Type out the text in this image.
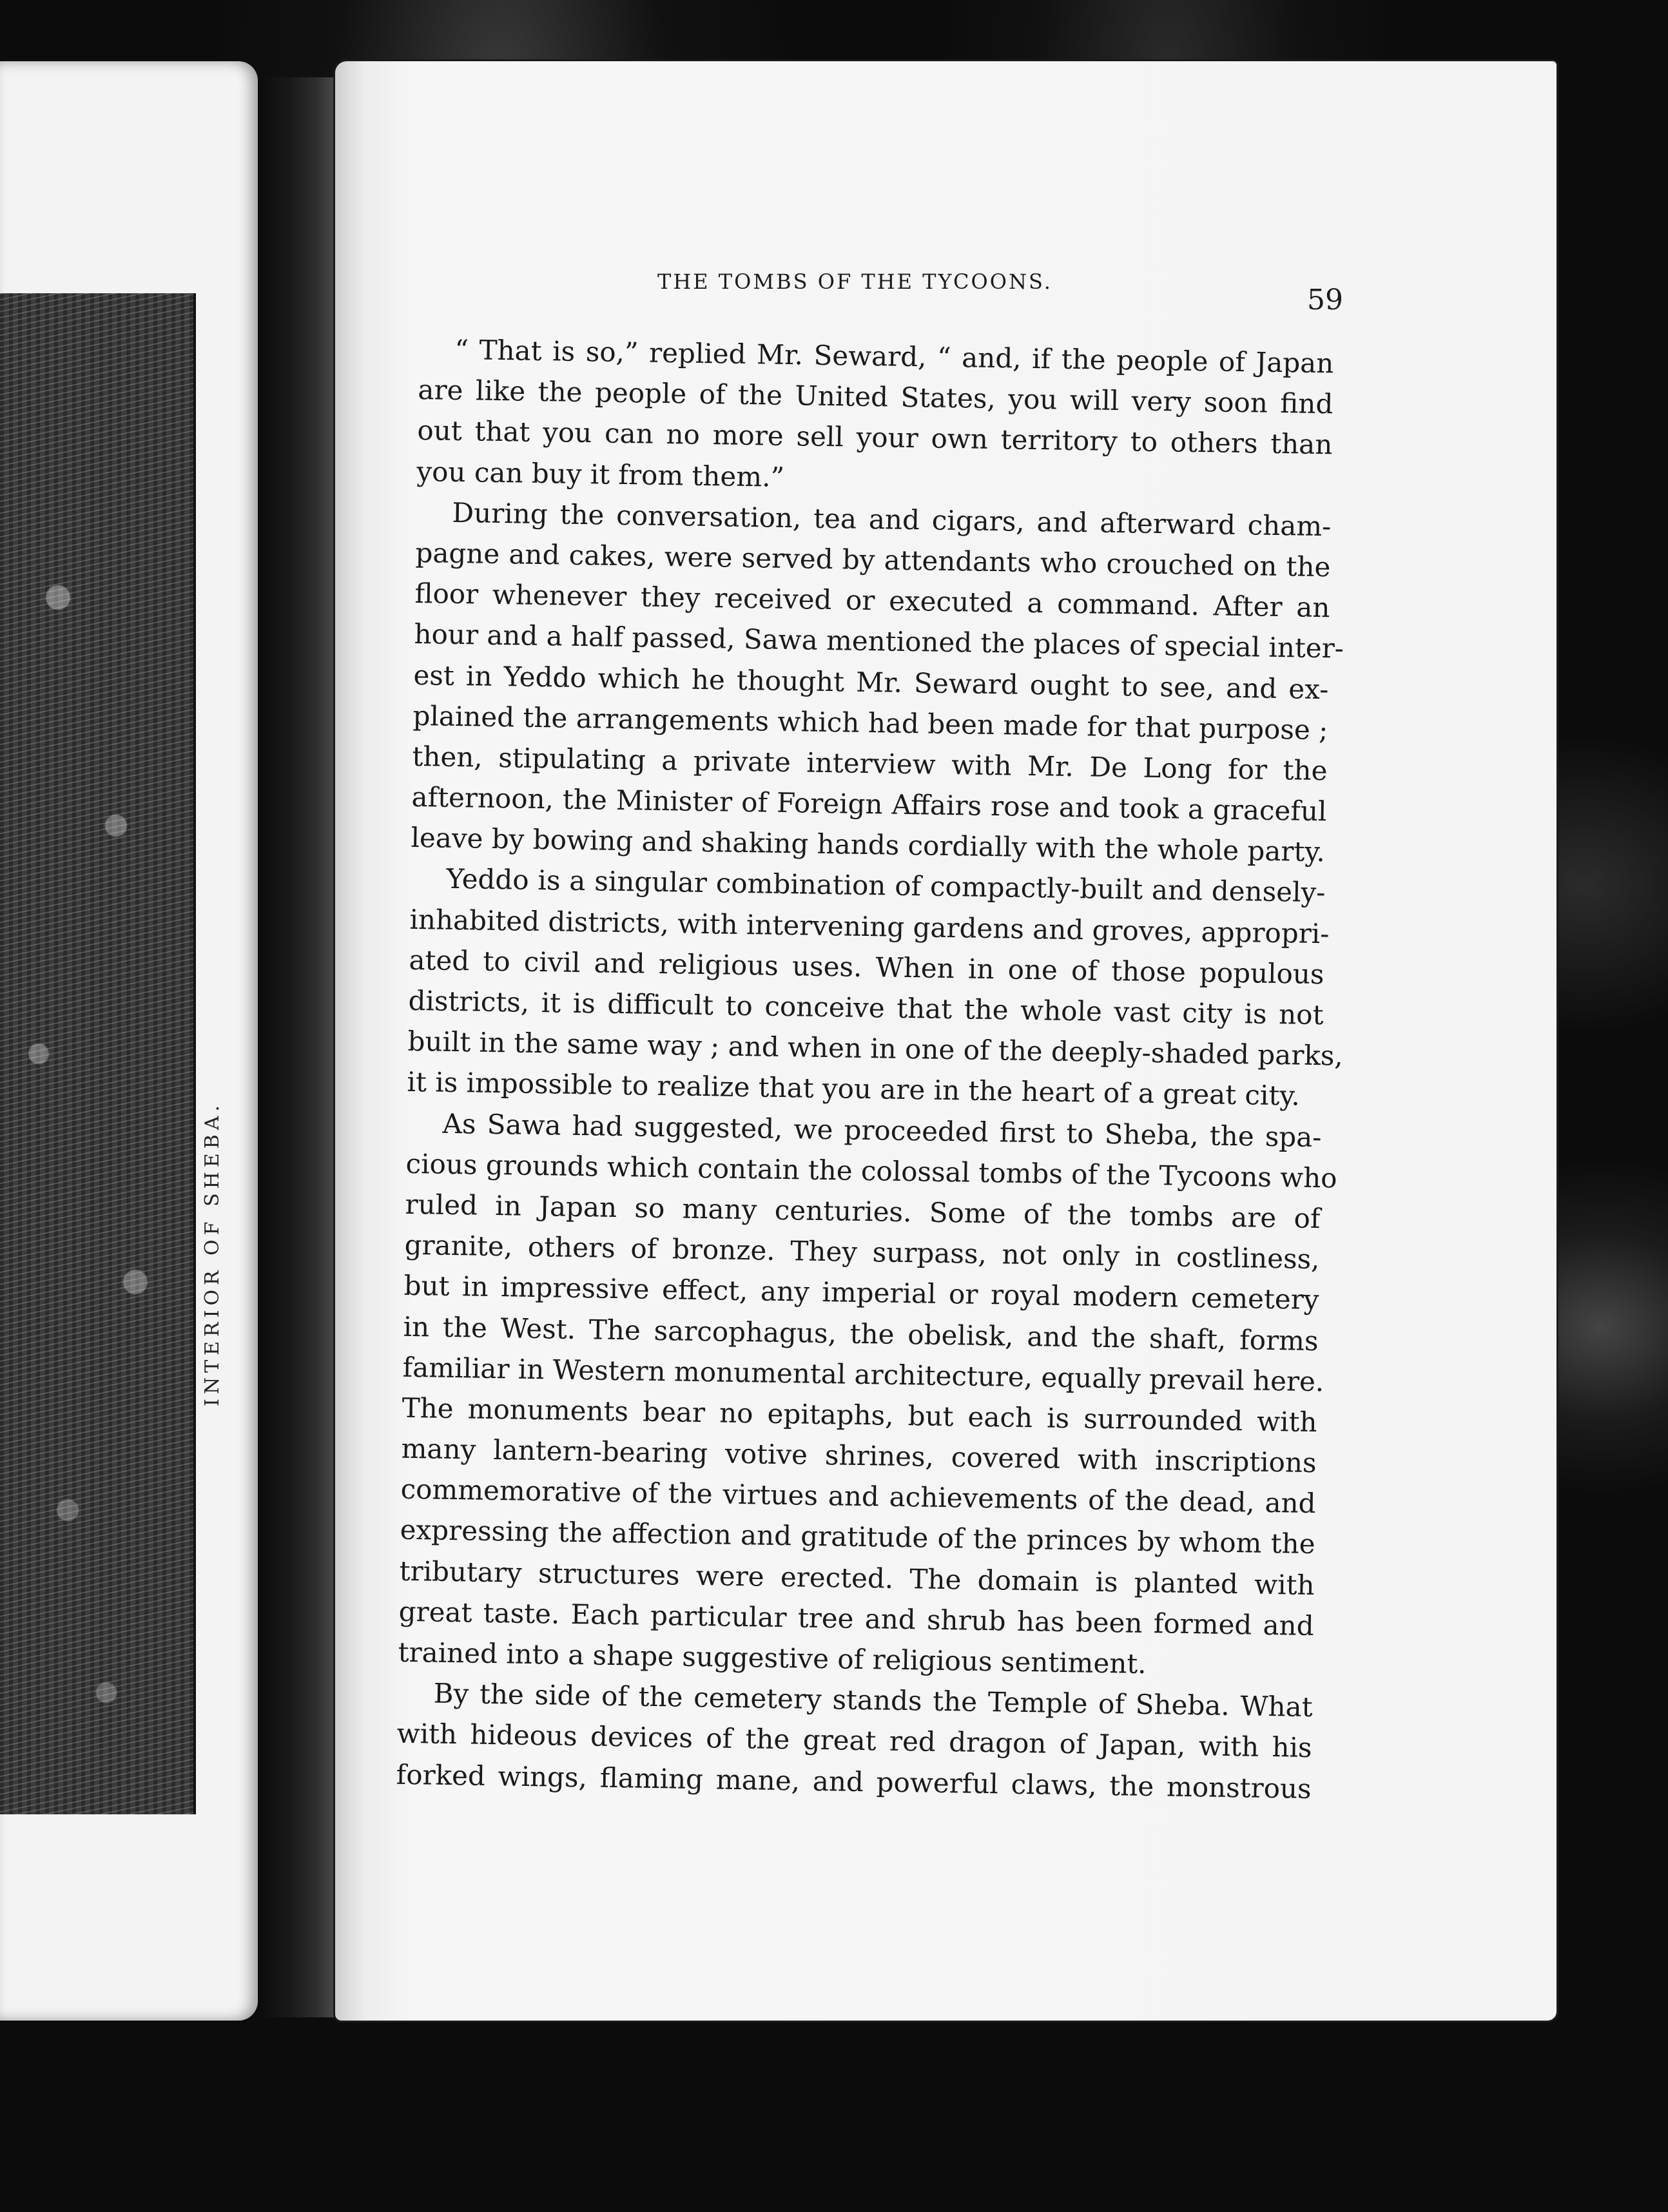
INTERIOR OF SHEBA.
THE TOMBS OF THE TYCOONS.
59
“ That is so,” replied Mr. Seward, “ and, if the people of Japan
are like the people of the United States, you will very soon find
out that you can no more sell your own territory to others than
you can buy it from them.”
During the conversation, tea and cigars, and afterward cham-
pagne and cakes, were served by attendants who crouched on the
floor whenever they received or executed a command. After an
hour and a half passed, Sawa mentioned the places of special inter-
est in Yeddo which he thought Mr. Seward ought to see, and ex-
plained the arrangements which had been made for that purpose ;
then, stipulating a private interview with Mr. De Long for the
afternoon, the Minister of Foreign Affairs rose and took a graceful
leave by bowing and shaking hands cordially with the whole party.
Yeddo is a singular combination of compactly-built and densely-
inhabited districts, with intervening gardens and groves, appropri-
ated to civil and religious uses. When in one of those populous
districts, it is difficult to conceive that the whole vast city is not
built in the same way ; and when in one of the deeply-shaded parks,
it is impossible to realize that you are in the heart of a great city.
As Sawa had suggested, we proceeded first to Sheba, the spa-
cious grounds which contain the colossal tombs of the Tycoons who
ruled in Japan so many centuries. Some of the tombs are of
granite, others of bronze. They surpass, not only in costliness,
but in impressive effect, any imperial or royal modern cemetery
in the West. The sarcophagus, the obelisk, and the shaft, forms
familiar in Western monumental architecture, equally prevail here.
The monuments bear no epitaphs, but each is surrounded with
many lantern-bearing votive shrines, covered with inscriptions
commemorative of the virtues and achievements of the dead, and
expressing the affection and gratitude of the princes by whom the
tributary structures were erected. The domain is planted with
great taste. Each particular tree and shrub has been formed and
trained into a shape suggestive of religious sentiment.
By the side of the cemetery stands the Temple of Sheba. What
with hideous devices of the great red dragon of Japan, with his
forked wings, flaming mane, and powerful claws, the monstrous
